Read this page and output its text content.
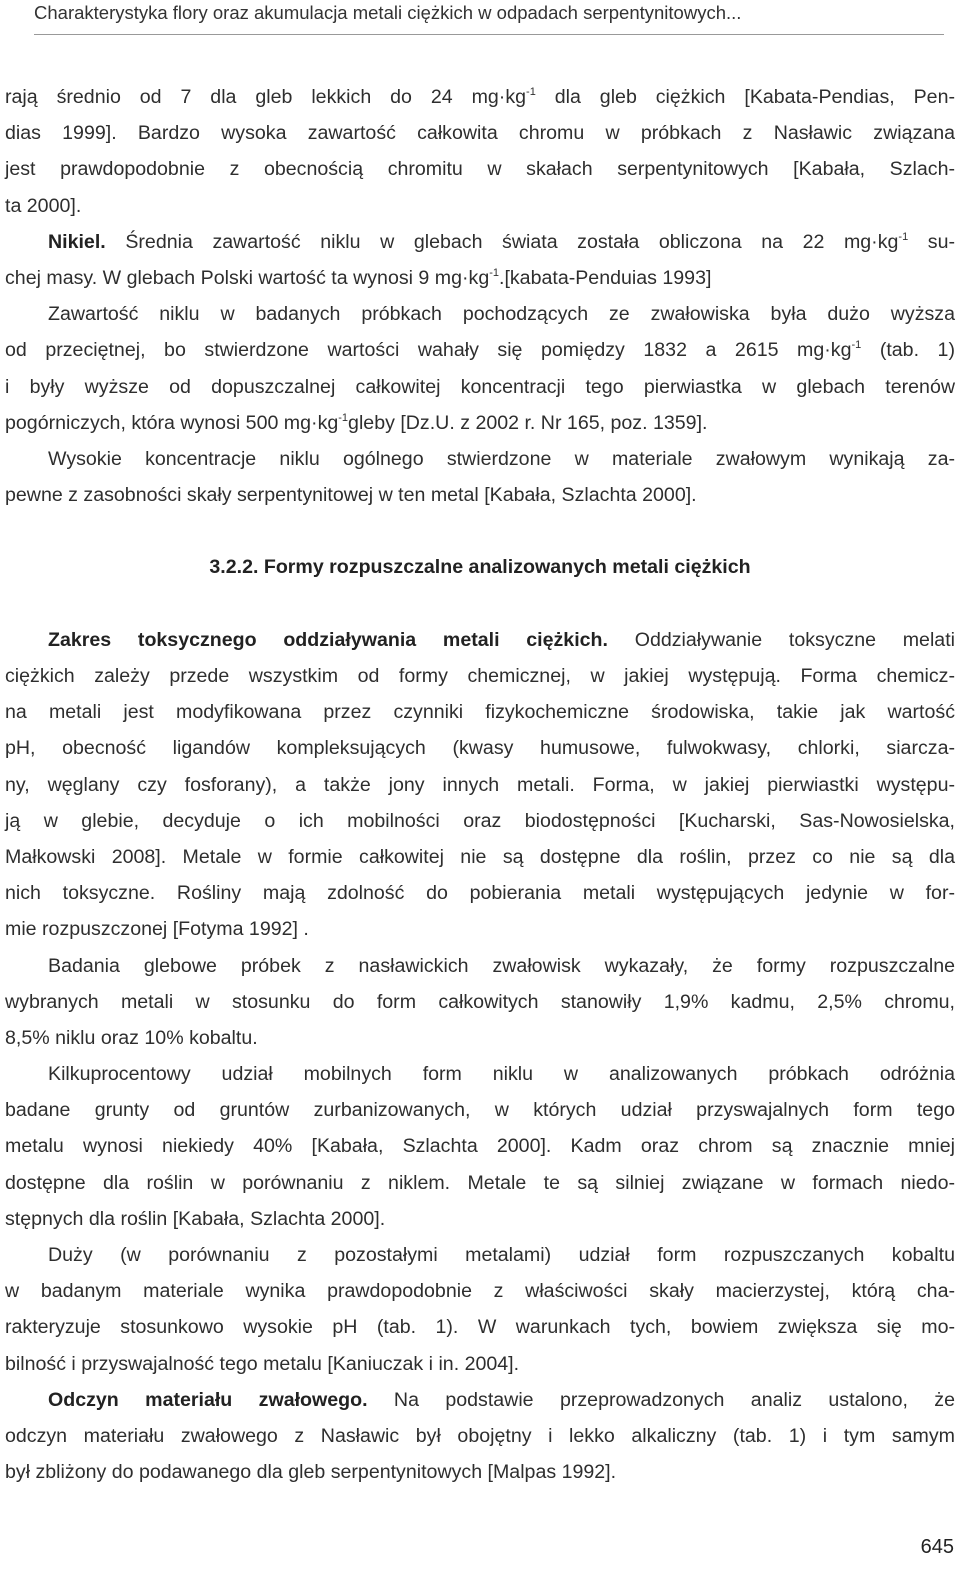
Charakterystyka flory oraz akumulacja metali ciężkich w odpadach serpentynitowych...
rają średnio od 7 dla gleb lekkich do 24 $mg\cdot kg^{-1}$ dla gleb ciężkich [Kabata-Pendias, Pen-
dias 1999]. Bardzo wysoka zawartość całkowita chromu w próbkach z Nasławic związana
jest prawdopodobnie z obecnością chromitu w skałach serpentynitowych [Kabała, Szlach-
ta 2000].
Nikiel. Średnia zawartość niklu w glebach świata została obliczona na 22 $mg\cdot kg^{-1}$ su-
chej masy. W glebach Polski wartość ta wynosi 9 $mg\cdot kg^{-1}.[kabata$-Penduias 1993]
Zawartość niklu w badanych próbkach pochodzących ze zwałowiska była dużo wyższa
od przeciętnej, bo stwierdzone wartości wahały się pomiędzy 1832 a 2615 $mg\cdot kg^{-1}$ (tab. 1)
i były wyższe od dopuszczalnej całkowitej koncentracji tego pierwiastka w glebach terenów
pogórniczych, która wynosi 500 $mg\cdot kg^{-1}gleby$ [Dz.U. z 2002 r. Nr 165, poz. 1359].
Wysokie koncentracje niklu ogólnego stwierdzone w materiale zwałowym wynikają za-
pewne z zasobności skały serpentynitowej w ten metal [Kabała, Szlachta 2000].
3.2.2. Formy rozpuszczalne analizowanych metali ciężkich
Zakres toksycznego oddziaływania metali ciężkich. Oddziaływanie toksyczne melati
ciężkich zależy przede wszystkim od formy chemicznej, w jakiej występują. Forma chemicz-
na metali jest modyfikowana przez czynniki fizykochemiczne środowiska, takie jak wartość
pH, obecność ligandów kompleksujących (kwasy humusowe, fulwokwasy, chlorki, siarcza-
ny, węglany czy fosforany), a także jony innych metali. Forma, w jakiej pierwiastki występu-
ją w glebie, decyduje o ich mobilności oraz biodostępności [Kucharski, Sas-Nowosielska,
Małkowski 2008]. Metale w formie całkowitej nie są dostępne dla roślin, przez co nie są dla
nich toksyczne. Rośliny mają zdolność do pobierania metali występujących jedynie w for-
mie rozpuszczonej [Fotyma 1992] .
Badania glebowe próbek z nasławickich zwałowisk wykazały, że formy rozpuszczalne
wybranych metali w stosunku do form całkowitych stanowiły 1,9% kadmu, 2,5% chromu,
8,5% niklu oraz 10% kobaltu.
Kilkuprocentowy udział mobilnych form niklu w analizowanych próbkach odróżnia
badane grunty od gruntów zurbanizowanych, w których udział przyswajalnych form tego
metalu wynosi niekiedy 40% [Kabała, Szlachta 2000]. Kadm oraz chrom są znacznie mniej
dostępne dla roślin w porównaniu z niklem. Metale te są silniej związane w formach niedo-
stępnych dla roślin [Kabała, Szlachta 2000].
Duży (w porównaniu z pozostałymi metalami) udział form rozpuszczanych kobaltu
w badanym materiale wynika prawdopodobnie z właściwości skały macierzystej, którą cha-
rakteryzuje stosunkowo wysokie pH (tab. 1). W warunkach tych, bowiem zwiększa się mo-
bilność i przyswajalność tego metalu [Kaniuczak i in. 2004].
Odczyn materiału zwałowego. Na podstawie przeprowadzonych analiz ustalono, że
odczyn materiału zwałowego z Nasławic był obojętny i lekko alkaliczny (tab. 1) i tym samym
był zbliżony do podawanego dla gleb serpentynitowych [Malpas 1992].
645
